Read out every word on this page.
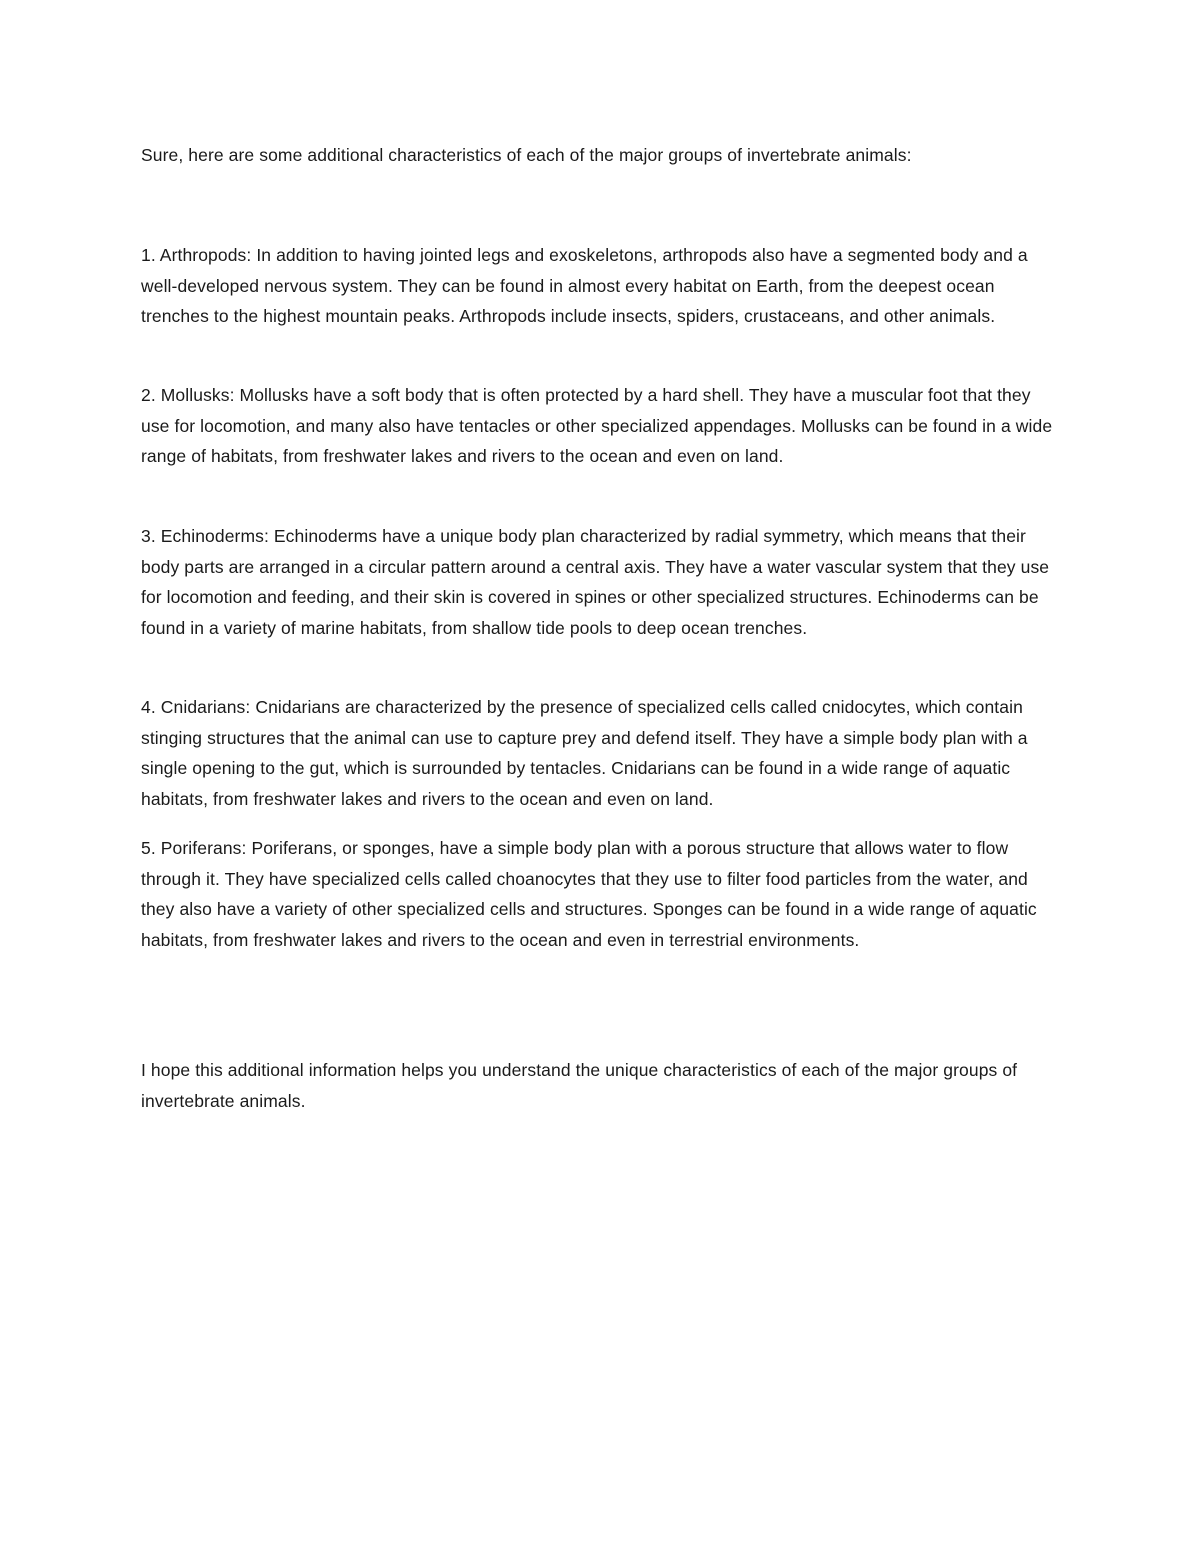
Sure, here are some additional characteristics of each of the major groups of invertebrate animals:

1. Arthropods: In addition to having jointed legs and exoskeletons, arthropods also have a segmented body and a well-developed nervous system. They can be found in almost every habitat on Earth, from the deepest ocean trenches to the highest mountain peaks. Arthropods include insects, spiders, crustaceans, and other animals.

2. Mollusks: Mollusks have a soft body that is often protected by a hard shell. They have a muscular foot that they use for locomotion, and many also have tentacles or other specialized appendages. Mollusks can be found in a wide range of habitats, from freshwater lakes and rivers to the ocean and even on land.

3. Echinoderms: Echinoderms have a unique body plan characterized by radial symmetry, which means that their body parts are arranged in a circular pattern around a central axis. They have a water vascular system that they use for locomotion and feeding, and their skin is covered in spines or other specialized structures. Echinoderms can be found in a variety of marine habitats, from shallow tide pools to deep ocean trenches.

4. Cnidarians: Cnidarians are characterized by the presence of specialized cells called cnidocytes, which contain stinging structures that the animal can use to capture prey and defend itself. They have a simple body plan with a single opening to the gut, which is surrounded by tentacles. Cnidarians can be found in a wide range of aquatic habitats, from freshwater lakes and rivers to the ocean and even on land.

5. Poriferans: Poriferans, or sponges, have a simple body plan with a porous structure that allows water to flow through it. They have specialized cells called choanocytes that they use to filter food particles from the water, and they also have a variety of other specialized cells and structures. Sponges can be found in a wide range of aquatic habitats, from freshwater lakes and rivers to the ocean and even in terrestrial environments.

I hope this additional information helps you understand the unique characteristics of each of the major groups of invertebrate animals.
